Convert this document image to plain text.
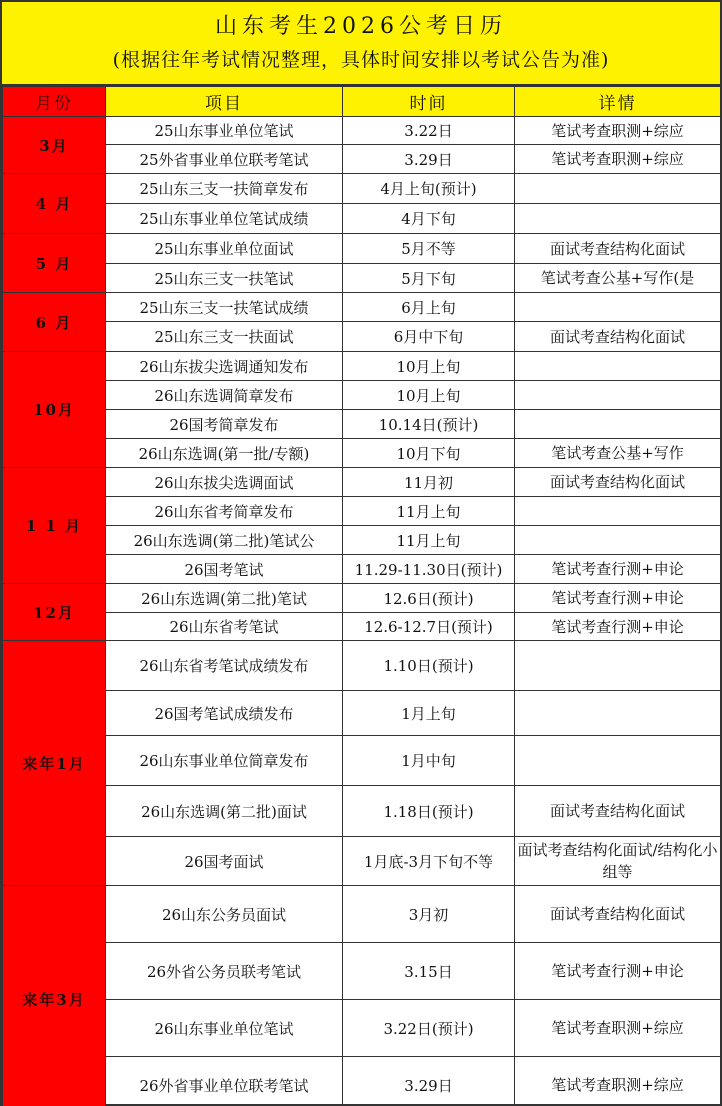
山东考生2026公考日历
(根据往年考试情况整理，具体时间安排以考试公告为准)
月份	项目	时间	详情
3月	25山东事业单位笔试	3.22日	笔试考查职测+综应
	25外省事业单位联考笔试	3.29日	笔试考查职测+综应
4 月	25山东三支一扶简章发布	4月上旬(预计)	
	25山东事业单位笔试成绩	4月下旬	
5 月	25山东事业单位面试	5月不等	面试考查结构化面试
	25山东三支一扶笔试	5月下旬	笔试考查公基+写作(是
6 月	25山东三支一扶笔试成绩	6月上旬	
	25山东三支一扶面试	6月中下旬	面试考查结构化面试
10月	26山东拔尖选调通知发布	10月上旬	
	26山东选调简章发布	10月上旬	
	26国考简章发布	10.14日(预计)	
	26山东选调(第一批/专额)	10月下旬	笔试考查公基+写作
1 1 月	26山东拔尖选调面试	11月初	面试考查结构化面试
	26山东省考简章发布	11月上旬	
	26山东选调(第二批)笔试公	11月上旬	
	26国考笔试	11.29-11.30日(预计)	笔试考查行测+申论
12月	26山东选调(第二批)笔试	12.6日(预计)	笔试考查行测+申论
	26山东省考笔试	12.6-12.7日(预计)	笔试考查行测+申论
来年1月	26山东省考笔试成绩发布	1.10日(预计)	
	26国考笔试成绩发布	1月上旬	
	26山东事业单位简章发布	1月中旬	
	26山东选调(第二批)面试	1.18日(预计)	面试考查结构化面试
	26国考面试	1月底-3月下旬不等	面试考查结构化面试/结构化小组等
来年3月	26山东公务员面试	3月初	面试考查结构化面试
	26外省公务员联考笔试	3.15日	笔试考查行测+申论
	26山东事业单位笔试	3.22日(预计)	笔试考查职测+综应
	26外省事业单位联考笔试	3.29日	笔试考查职测+综应
